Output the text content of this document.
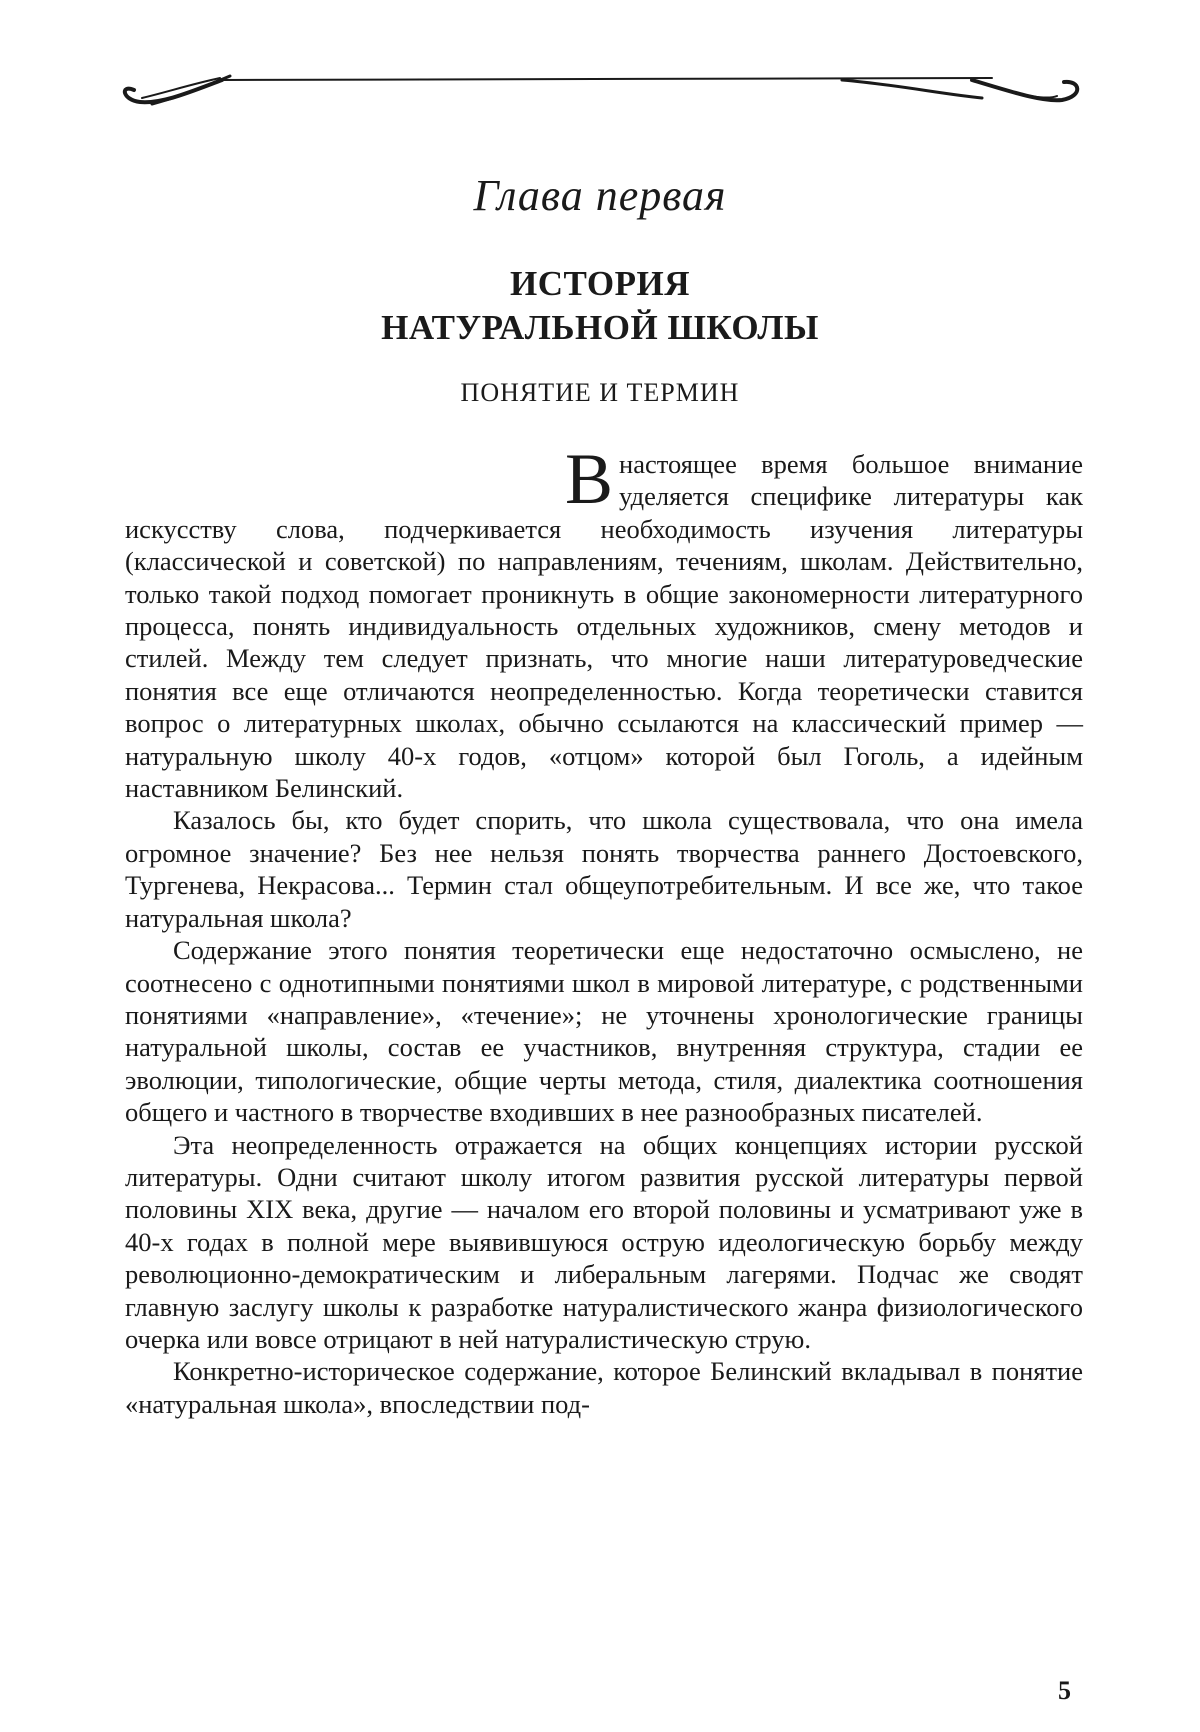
Глава первая
ИСТОРИЯ
НАТУРАЛЬНОЙ ШКОЛЫ
ПОНЯТИЕ И ТЕРМИН

Внастоящее время большое внимание уделяется специфике литературы как искусству слова, подчеркивается необходимость изучения литературы (классической и советской) по направлениям, течениям, школам. Действительно, только такой подход помогает проникнуть в общие закономерности литературного процесса, понять индивидуальность отдельных художников, смену методов и стилей. Между тем следует признать, что многие наши литературоведческие понятия все еще отличаются неопределенностью. Когда теоретически ставится вопрос о литературных школах, обычно ссылаются на классический пример — натуральную школу 40-х годов, «отцом» которой был Гоголь, а идейным наставником Белинский.

Казалось бы, кто будет спорить, что школа существовала, что она имела огромное значение? Без нее нельзя понять творчества раннего Достоевского, Тургенева, Некрасова... Термин стал общеупотребительным. И все же, что такое натуральная школа?

Содержание этого понятия теоретически еще недостаточно осмыслено, не соотнесено с однотипными понятиями школ в мировой литературе, с родственными понятиями «направление», «течение»; не уточнены хронологические границы натуральной школы, состав ее участников, внутренняя структура, стадии ее эволюции, типологические, общие черты метода, стиля, диалектика соотношения общего и частного в творчестве входивших в нее разнообразных писателей.

Эта неопределенность отражается на общих концепциях истории русской литературы. Одни считают школу итогом развития русской литературы первой половины XIX века, другие — началом его второй половины и усматривают уже в 40-х годах в полной мере выявившуюся острую идеологическую борьбу между революционно-демократическим и либеральным лагерями. Подчас же сводят главную заслугу школы к разработке натуралистического жанра физиологического очерка или вовсе отрицают в ней натуралистическую струю.

Конкретно-историческое содержание, которое Белинский вкладывал в понятие «натуральная школа», впоследствии под-

5
